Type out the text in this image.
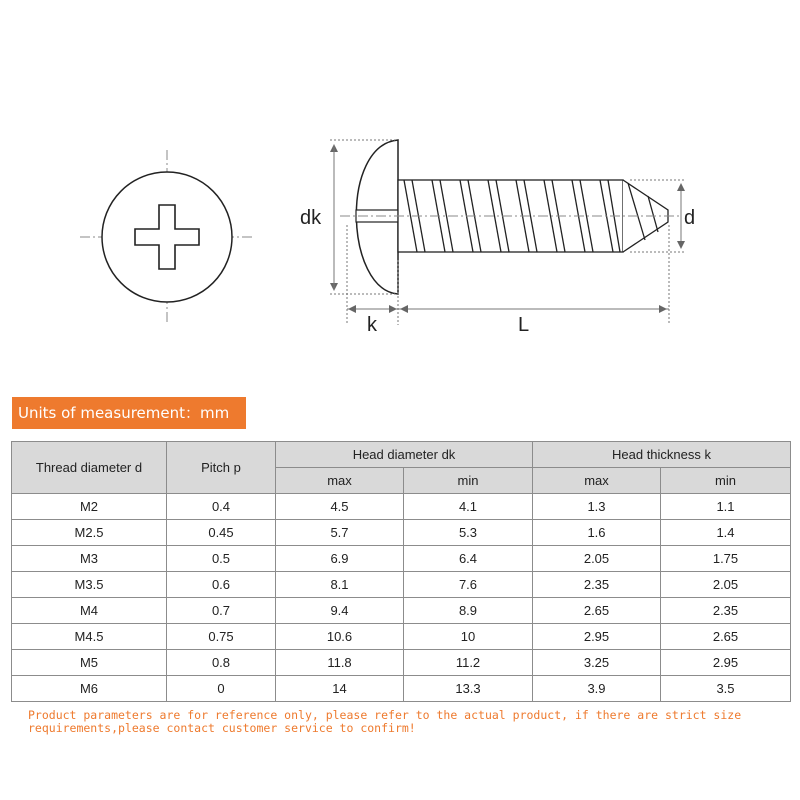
dk	d
k	L
Units of measurement：mm
Thread diameter d	Pitch p	Head diameter dk		Head thickness k	
		max	min	max	min
M2	0.4	4.5	4.1	1.3	1.1
M2.5	0.45	5.7	5.3	1.6	1.4
M3	0.5	6.9	6.4	2.05	1.75
M3.5	0.6	8.1	7.6	2.35	2.05
M4	0.7	9.4	8.9	2.65	2.35
M4.5	0.75	10.6	10	2.95	2.65
M5	0.8	11.8	11.2	3.25	2.95
M6	0	14	13.3	3.9	3.5
Product parameters are for reference only, please refer to the actual product, if there are strict size
requirements,please contact customer service to confirm!
